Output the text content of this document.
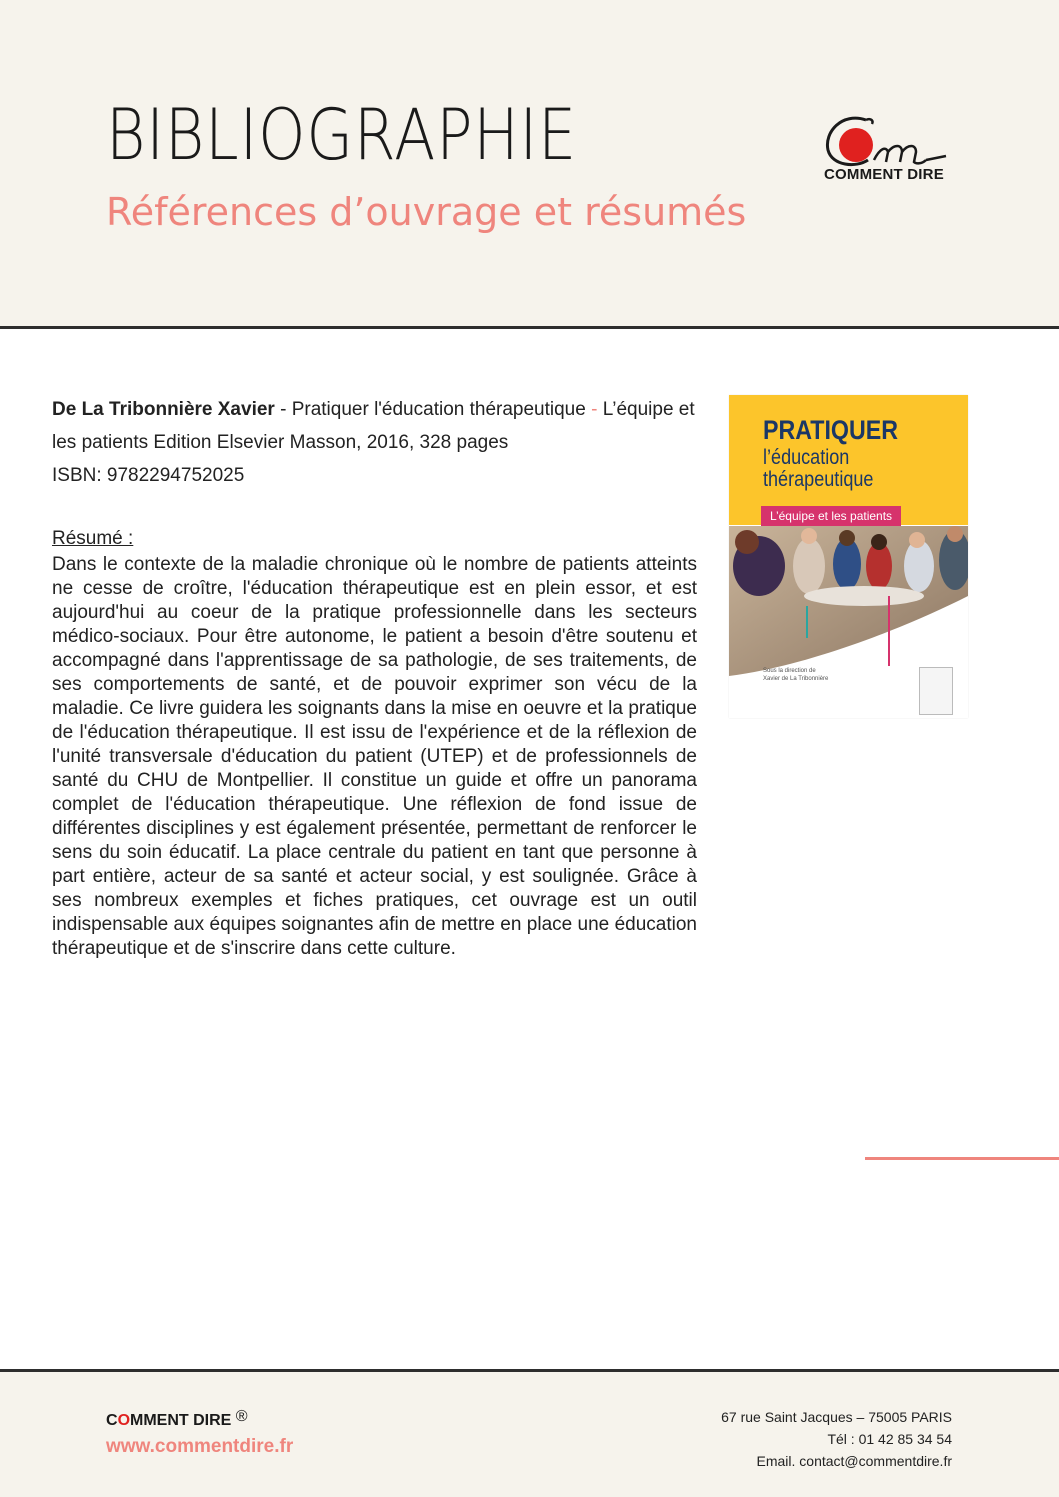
BIBLIOGRAPHIE
Références d’ouvrage et résumés
COMMENT DIRE
De La Tribonnière Xavier - Pratiquer l'éducation thérapeutique - L’équipe et les patients Edition Elsevier Masson, 2016, 328 pages
ISBN: 9782294752025
Résumé :

Dans le contexte de la maladie chronique où le nombre de patients atteints ne cesse de croître, l'éducation thérapeutique est en plein essor, et est aujourd'hui au coeur de la pratique professionnelle dans les secteurs médico-sociaux. Pour être autonome, le patient a besoin d'être soutenu et accompagné dans l'apprentissage de sa pathologie, de ses traitements, de ses comportements de santé, et de pouvoir exprimer son vécu de la maladie. Ce livre guidera les soignants dans la mise en oeuvre et la pratique de l'éducation thérapeutique. Il est issu de l'expérience et de la réflexion de l'unité transversale d'éducation du patient (UTEP) et de professionnels de santé du CHU de Montpellier. Il constitue un guide et offre un panorama complet de l'éducation thérapeutique. Une réflexion de fond issue de différentes disciplines y est également présentée, permettant de renforcer le sens du soin éducatif. La place centrale du patient en tant que personne à part entière, acteur de sa santé et acteur social, y est soulignée. Grâce à ses nombreux exemples et fiches pratiques, cet ouvrage est un outil indispensable aux équipes soignantes afin de mettre en place une éducation thérapeutique et de s'inscrire dans cette culture.

PRATIQUER
l’éducation
thérapeutique
L’équipe et les patients
Sous la direction de
Xavier de La Tribonnière
COMMENT DIRE ®
www.commentdire.fr
67 rue Saint Jacques – 75005 PARIS
Tél : 01 42 85 34 54
Email. contact@commentdire.fr
